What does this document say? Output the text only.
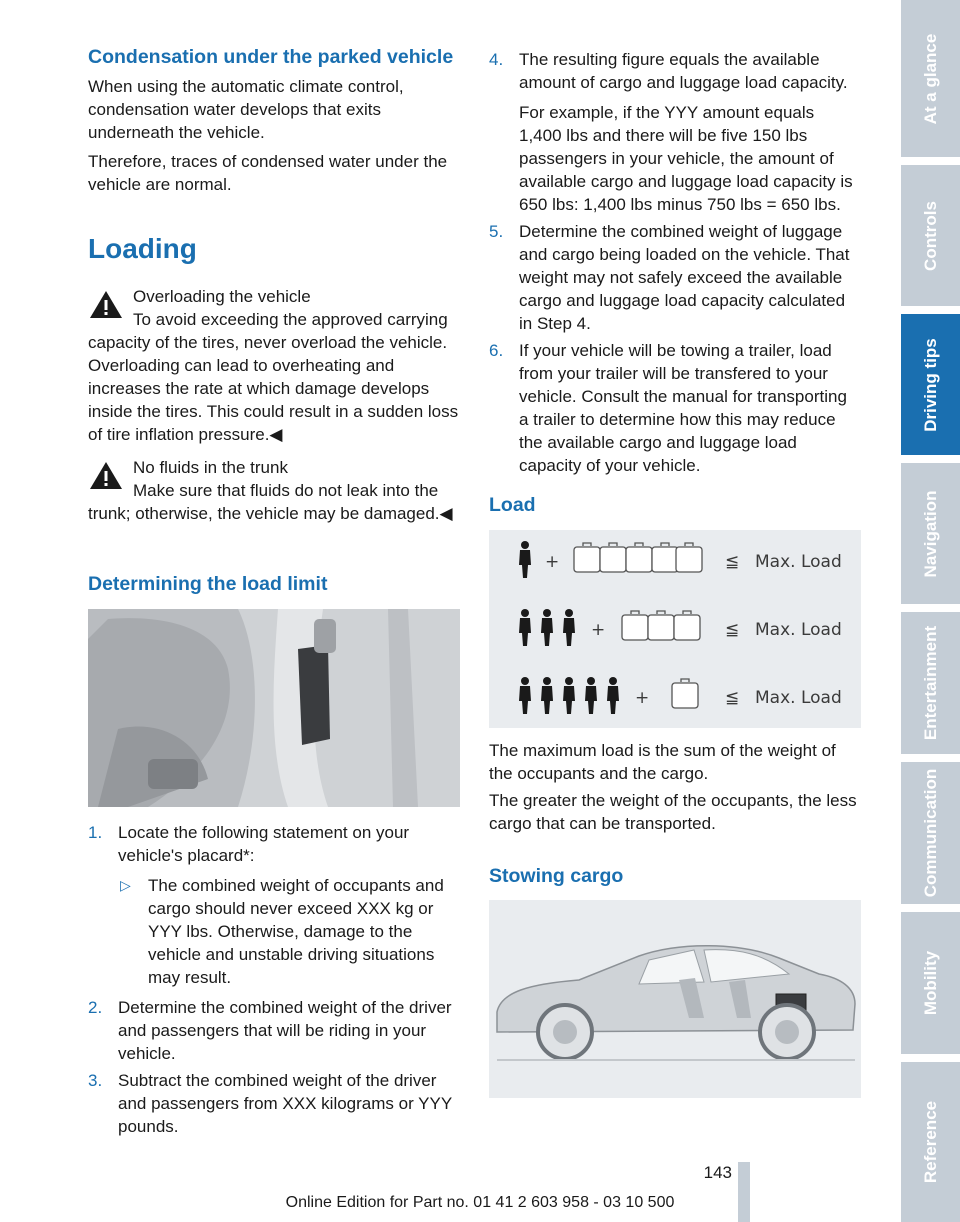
Condensation under the parked vehicle

When using the automatic climate control, condensation water develops that exits underneath the vehicle.

Therefore, traces of condensed water under the vehicle are normal.

Loading

Overloading the vehicle

To avoid exceeding the approved carrying capacity of the tires, never overload the vehicle. Overloading can lead to overheating and increases the rate at which damage develops inside the tires. This could result in a sudden loss of tire inflation pressure.◀

No fluids in the trunk

Make sure that fluids do not leak into the trunk; otherwise, the vehicle may be damaged.◀

Determining the load limit
1. Locate the following statement on your vehicle's placard*:

▷ The combined weight of occupants and cargo should never exceed XXX kg or YYY lbs. Otherwise, damage to the vehicle and unstable driving situations may result.

2. Determine the combined weight of the driver and passengers that will be riding in your vehicle.

3. Subtract the combined weight of the driver and passengers from XXX kilograms or YYY pounds.

4. The resulting figure equals the available amount of cargo and luggage load capacity.

For example, if the YYY amount equals 1,400 lbs and there will be five 150 lbs passengers in your vehicle, the amount of available cargo and luggage load capacity is 650 lbs: 1,400 lbs minus 750 lbs = 650 lbs.

5. Determine the combined weight of luggage and cargo being loaded on the vehicle. That weight may not safely exceed the available cargo and luggage load capacity calculated in Step 4.

6. If your vehicle will be towing a trailer, load from your trailer will be transfered to your vehicle. Consult the manual for transporting a trailer to determine how this may reduce the available cargo and luggage load capacity of your vehicle.

Load
+	≦ Max. Load
+	≦ Max. Load
+	≦ Max. Load

The maximum load is the sum of the weight of the occupants and the cargo.

The greater the weight of the occupants, the less cargo that can be transported.

Stowing cargo
At a glance
Controls
Driving tips
Navigation
Entertainment
Communication
Mobility
Reference
143
Online Edition for Part no. 01 41 2 603 958 - 03 10 500
